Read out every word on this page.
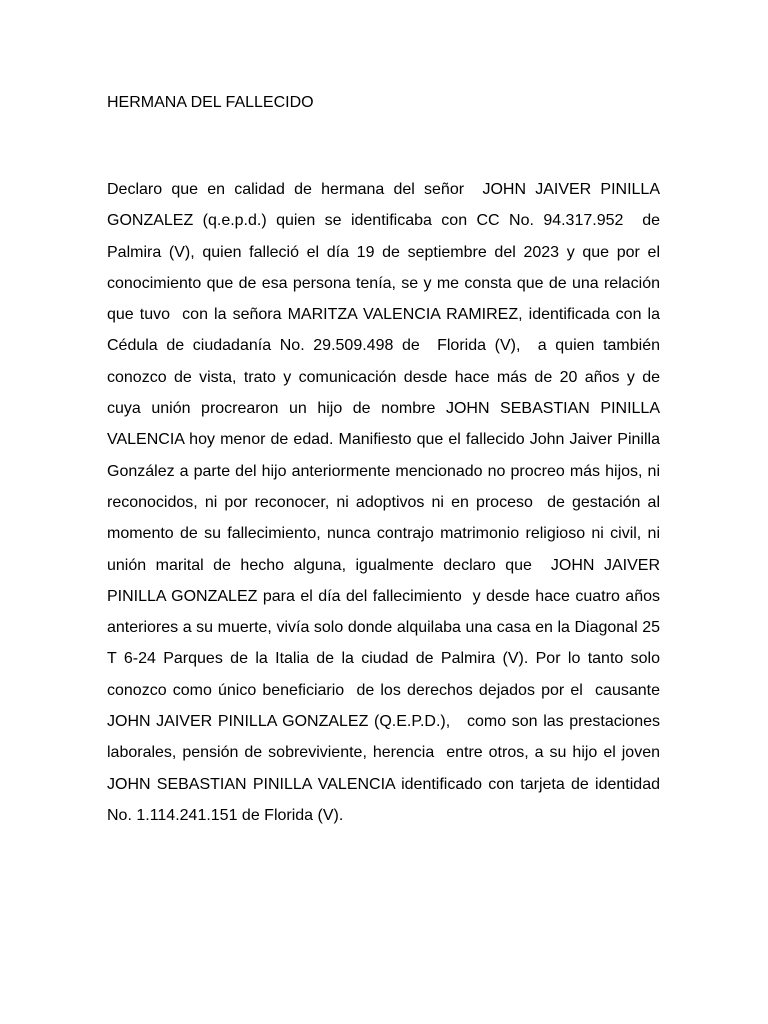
HERMANA DEL FALLECIDO

Declaro que en calidad de hermana del señor  JOHN JAIVER PINILLA GONZALEZ (q.e.p.d.) quien se identificaba con CC No. 94.317.952  de Palmira (V), quien falleció el día 19 de septiembre del 2023 y que por el conocimiento que de esa persona tenía, se y me consta que de una relación que tuvo  con la señora MARITZA VALENCIA RAMIREZ, identificada con la Cédula de ciudadanía No. 29.509.498 de  Florida (V),  a quien también conozco de vista, trato y comunicación desde hace más de 20 años y de cuya unión procrearon un hijo de nombre JOHN SEBASTIAN PINILLA VALENCIA hoy menor de edad. Manifiesto que el fallecido John Jaiver Pinilla González a parte del hijo anteriormente mencionado no procreo más hijos, ni reconocidos, ni por reconocer, ni adoptivos ni en proceso  de gestación al momento de su fallecimiento, nunca contrajo matrimonio religioso ni civil, ni unión marital de hecho alguna, igualmente declaro que  JOHN JAIVER PINILLA GONZALEZ para el día del fallecimiento  y desde hace cuatro años anteriores a su muerte, vivía solo donde alquilaba una casa en la Diagonal 25 T 6-24 Parques de la Italia de la ciudad de Palmira (V). Por lo tanto solo conozco como único beneficiario  de los derechos dejados por el  causante JOHN JAIVER PINILLA GONZALEZ (Q.E.P.D.),   como son las prestaciones laborales, pensión de sobreviviente, herencia  entre otros, a su hijo el joven JOHN SEBASTIAN PINILLA VALENCIA identificado con tarjeta de identidad No. 1.114.241.151 de Florida (V).
